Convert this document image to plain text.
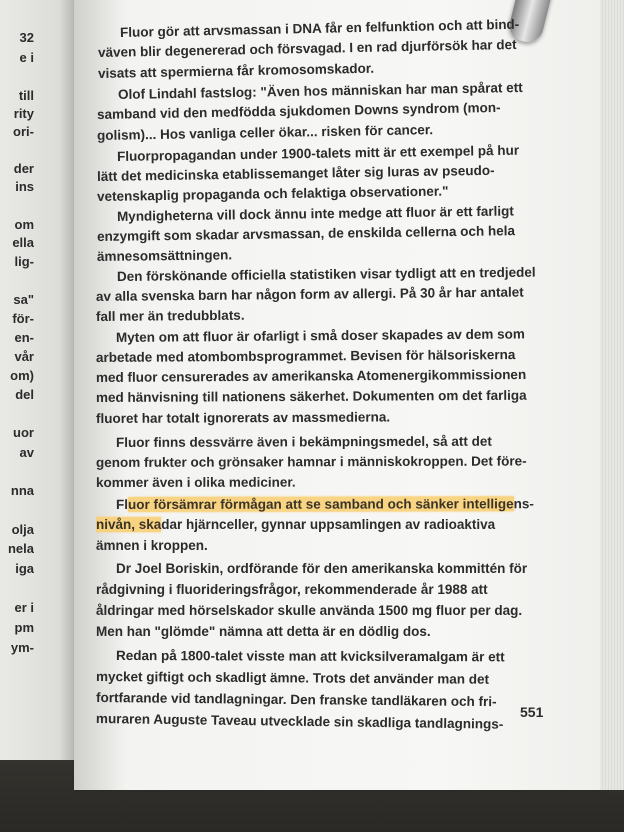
32
e i
till
rity
ori-
der
ins
om
ella
lig-
sa"
för-
en-
vår
om)
del
uor
av
nna
olja
nela
iga
er i
pm
ym-
Fluor gör att arvsmassan i DNA får en felfunktion och att bind-
väven blir degenererad och försvagad. I en rad djurförsök har det
visats att spermierna får kromosomskador.
Olof Lindahl fastslog: "Även hos människan har man spårat ett
samband vid den medfödda sjukdomen Downs syndrom (mon-
golism)... Hos vanliga celler ökar... risken för cancer.
Fluorpropagandan under 1900-talets mitt är ett exempel på hur
lätt det medicinska etablissemanget låter sig luras av pseudo-
vetenskaplig propaganda och felaktiga observationer."
Myndigheterna vill dock ännu inte medge att fluor är ett farligt
enzymgift som skadar arvsmassan, de enskilda cellerna och hela
ämnesomsättningen.
Den förskönande officiella statistiken visar tydligt att en tredjedel
av alla svenska barn har någon form av allergi. På 30 år har antalet
fall mer än tredubblats.
Myten om att fluor är ofarligt i små doser skapades av dem som
arbetade med atombombsprogrammet. Bevisen för hälsoriskerna
med fluor censurerades av amerikanska Atomenergikommissionen
med hänvisning till nationens säkerhet. Dokumenten om det farliga
fluoret har totalt ignorerats av massmedierna.
Fluor finns dessvärre även i bekämpningsmedel, så att det
genom frukter och grönsaker hamnar i människokroppen. Det före-
kommer även i olika mediciner.
Fluor försämrar förmågan att se samband och sänker intelligens-
nivån, skadar hjärnceller, gynnar uppsamlingen av radioaktiva
ämnen i kroppen.
Dr Joel Boriskin, ordförande för den amerikanska kommittén för
rådgivning i fluorideringsfrågor, rekommenderade år 1988 att
åldringar med hörselskador skulle använda 1500 mg fluor per dag.
Men han "glömde" nämna att detta är en dödlig dos.
Redan på 1800-talet visste man att kvicksilveramalgam är ett
mycket giftigt och skadligt ämne. Trots det använder man det
fortfarande vid tandlagningar. Den franske tandläkaren och fri-
muraren Auguste Taveau utvecklade sin skadliga tandlagnings-	551
